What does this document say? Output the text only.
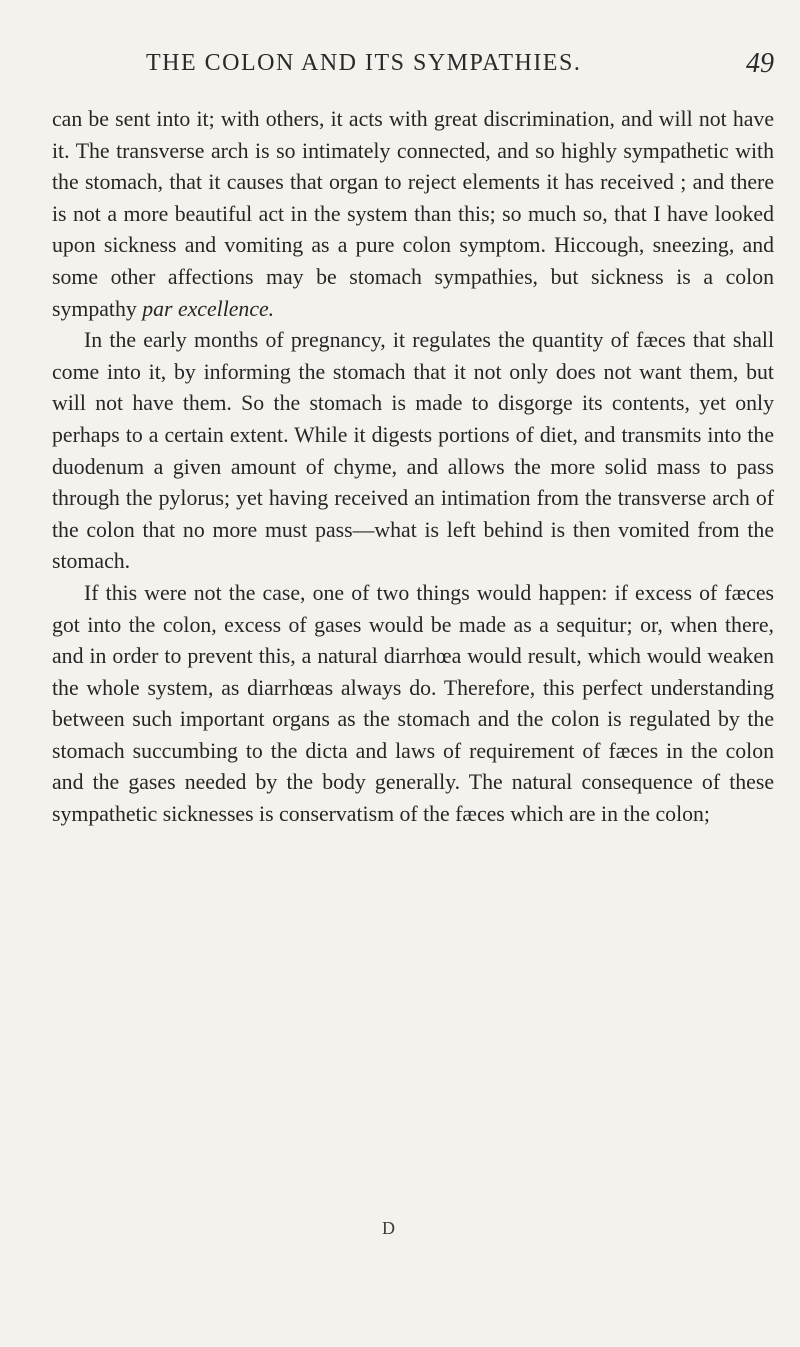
THE COLON AND ITS SYMPATHIES.	49

can be sent into it; with others, it acts with great discrimination, and will not have it. The transverse arch is so intimately connected, and so highly sympathetic with the stomach, that it causes that organ to reject elements it has received ; and there is not a more beautiful act in the system than this; so much so, that I have looked upon sickness and vomiting as a pure colon symptom. Hiccough, sneezing, and some other affections may be stomach sympathies, but sickness is a colon sympathy par excellence.

In the early months of pregnancy, it regulates the quantity of fæces that shall come into it, by informing the stomach that it not only does not want them, but will not have them. So the stomach is made to disgorge its contents, yet only perhaps to a certain extent. While it digests portions of diet, and transmits into the duodenum a given amount of chyme, and allows the more solid mass to pass through the pylorus; yet having received an intimation from the transverse arch of the colon that no more must pass—what is left behind is then vomited from the stomach.

If this were not the case, one of two things would happen: if excess of fæces got into the colon, excess of gases would be made as a sequitur; or, when there, and in order to prevent this, a natural diarrhœa would result, which would weaken the whole system, as diarrhœas always do. Therefore, this perfect understanding between such important organs as the stomach and the colon is regulated by the stomach succumbing to the dicta and laws of requirement of fæces in the colon and the gases needed by the body generally. The natural consequence of these sympathetic sicknesses is conservatism of the fæces which are in the colon;

D
